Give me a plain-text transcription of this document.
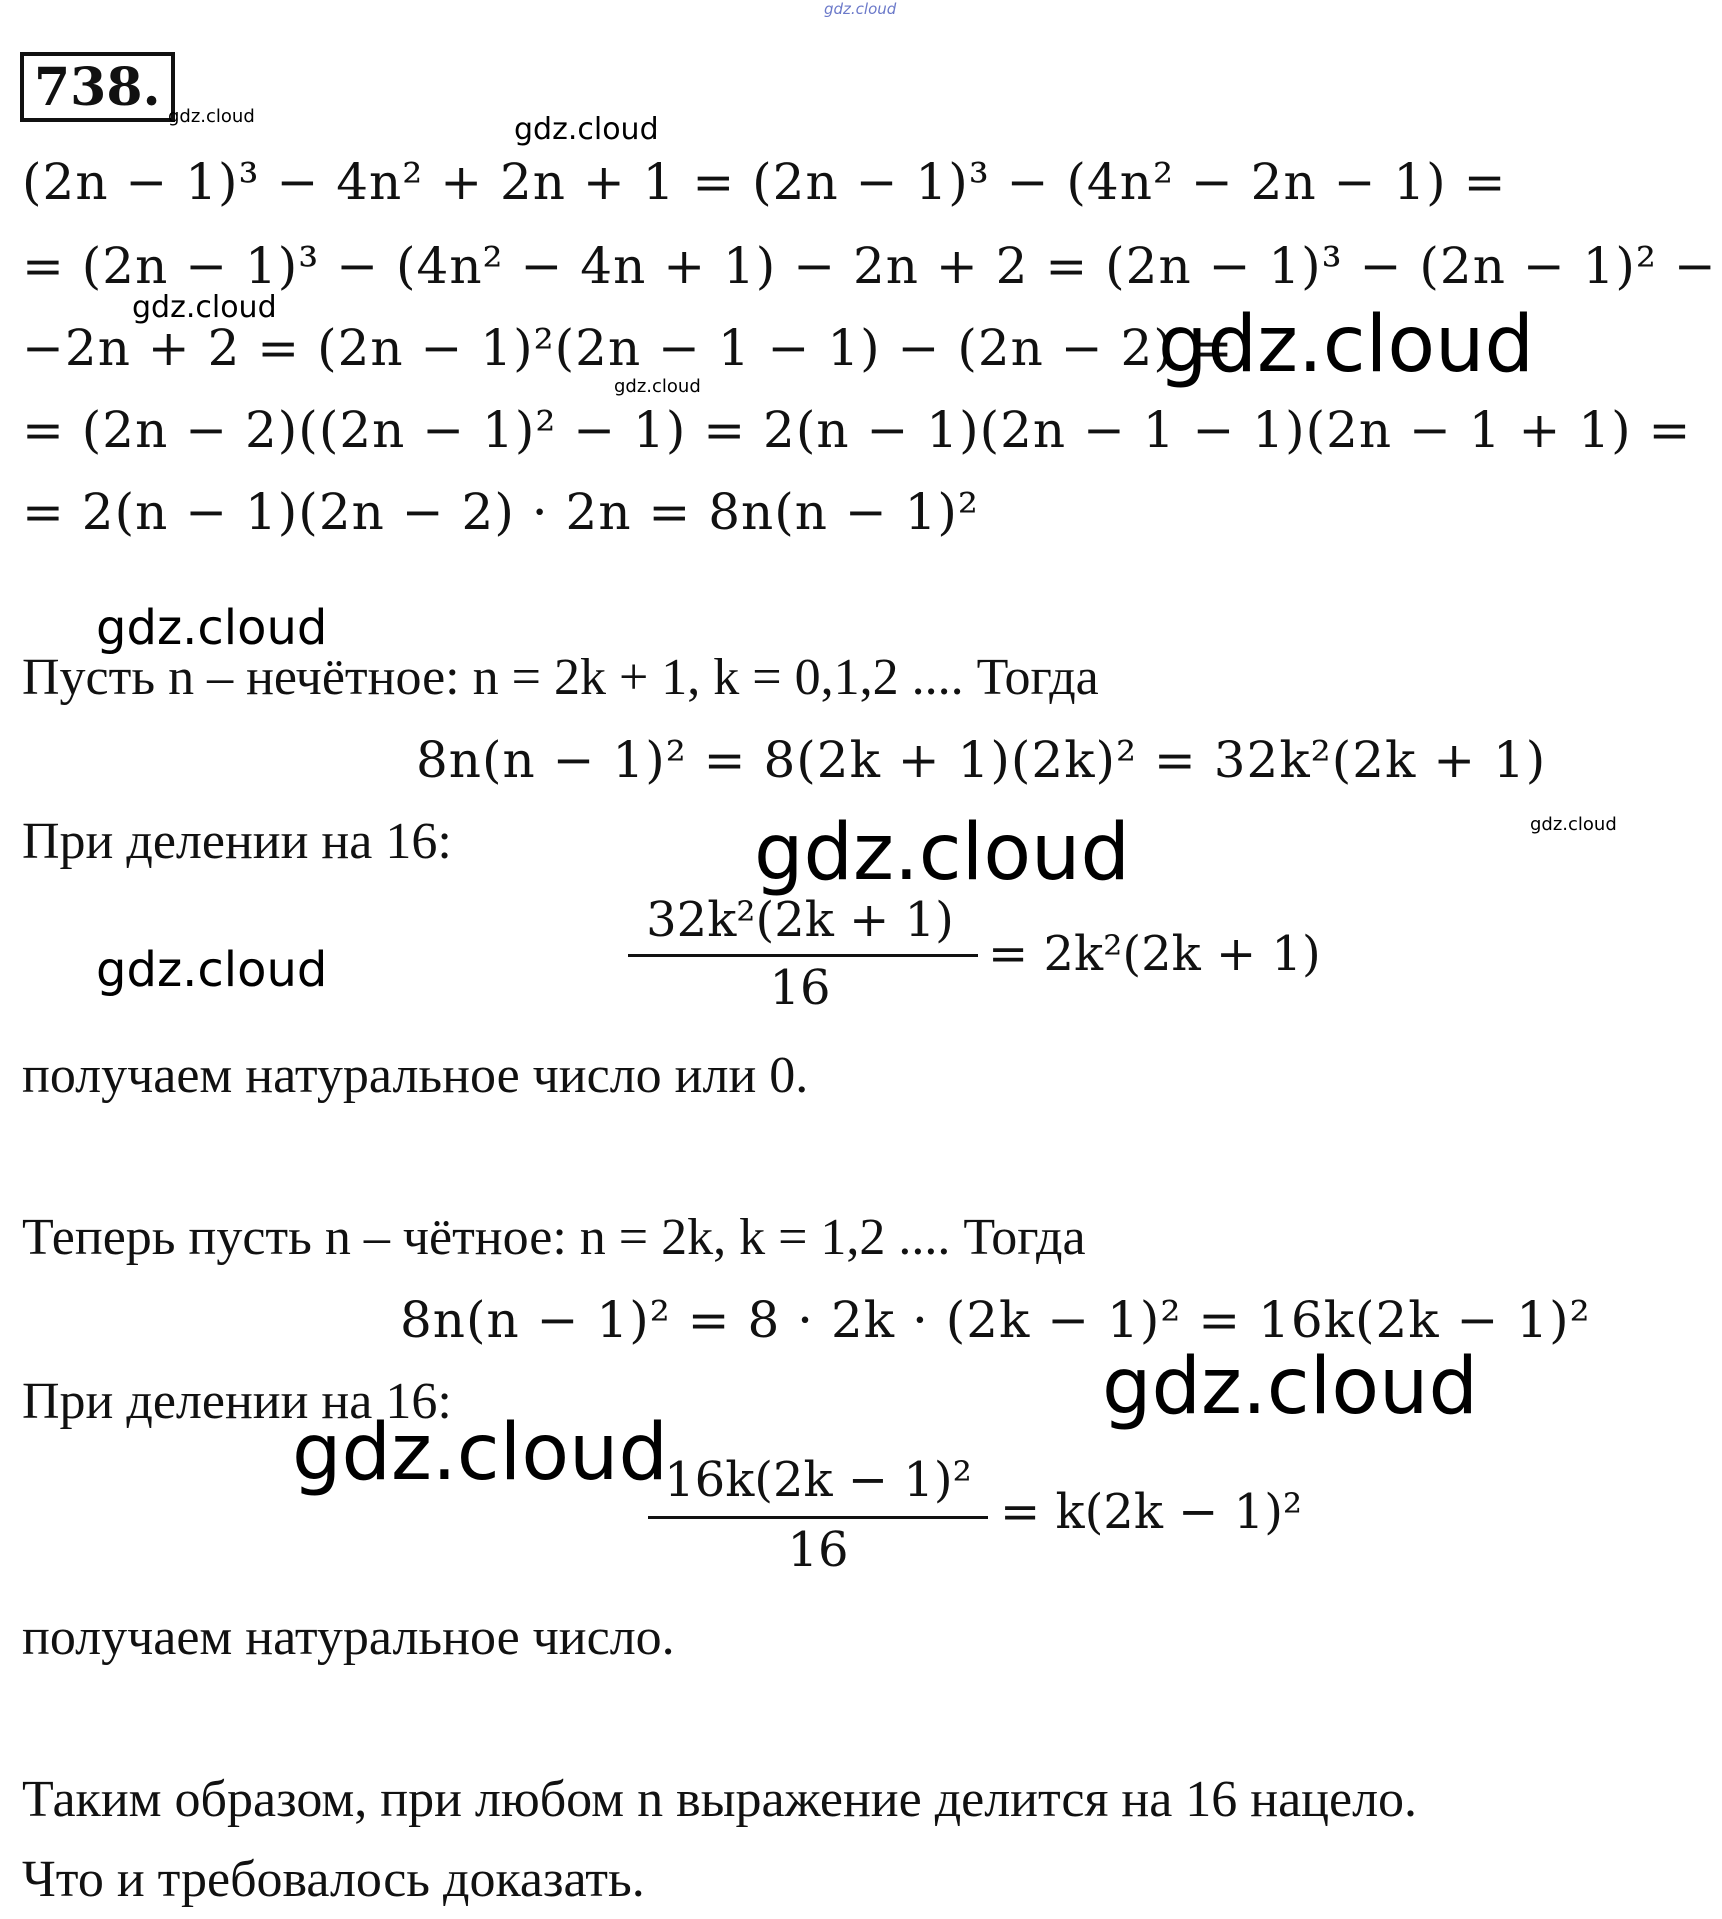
gdz.cloud
738. gdz.cloud	gdz.cloud
(2n − 1)³ − 4n² + 2n + 1 = (2n − 1)³ − (4n² − 2n − 1) =
= (2n − 1)³ − (4n² − 4n + 1) − 2n + 2 = (2n − 1)³ − (2n − 1)² −
gdz.cloud
−2n + 2 = (2n − 1)²(2n − 1 − 1) − (2n − 2) =
gdz.cloud
gdz.cloud
= (2n − 2)((2n − 1)² − 1) = 2(n − 1)(2n − 1 − 1)(2n − 1 + 1) =
= 2(n − 1)(2n − 2) · 2n = 8n(n − 1)²
gdz.cloud
Пусть n – нечётное: n = 2k + 1, k = 0,1,2 .... Тогда
8n(n − 1)² = 8(2k + 1)(2k)² = 32k²(2k + 1)
gdz.cloud
При делении на 16:	gdz.cloud
32k²(2k + 1)
16
= 2k²(2k + 1)
gdz.cloud
получаем натуральное число или 0.
Теперь пусть n – чётное: n = 2k, k = 1,2 .... Тогда
8n(n − 1)² = 8 · 2k · (2k − 1)² = 16k(2k − 1)²
gdz.cloud
При делении на 16:
gdz.cloud
16k(2k − 1)²
16
= k(2k − 1)²
получаем натуральное число.
Таким образом, при любом n выражение делится на 16 нацело.
Что и требовалось доказать.
